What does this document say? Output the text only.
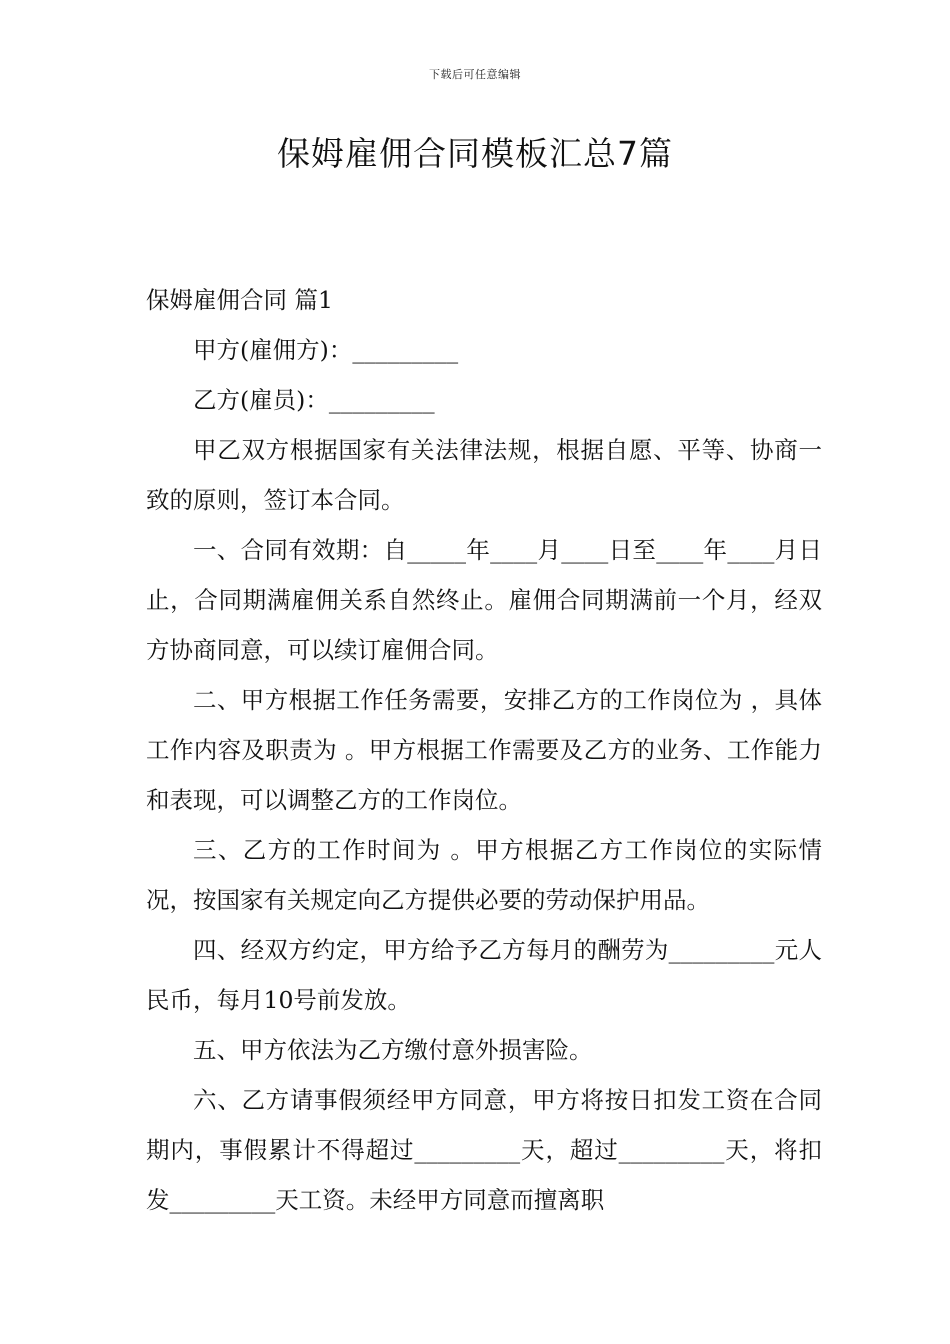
下载后可任意编辑
保姆雇佣合同模板汇总7篇

保姆雇佣合同 篇1

甲方(雇佣方)：_________

乙方(雇员)：_________

甲乙双方根据国家有关法律法规，根据自愿、平等、协商一致的原则，签订本合同。

一、合同有效期：自_____年____月____日至____年____月日止，合同期满雇佣关系自然终止。雇佣合同期满前一个月，经双方协商同意，可以续订雇佣合同。

二、甲方根据工作任务需要，安排乙方的工作岗位为 ，具体工作内容及职责为 。甲方根据工作需要及乙方的业务、工作能力和表现，可以调整乙方的工作岗位。

三、乙方的工作时间为 。甲方根据乙方工作岗位的实际情况，按国家有关规定向乙方提供必要的劳动保护用品。

四、经双方约定，甲方给予乙方每月的酬劳为_________元人民币，每月10号前发放。

五、甲方依法为乙方缴付意外损害险。

六、乙方请事假须经甲方同意，甲方将按日扣发工资在合同期内，事假累计不得超过_________天，超过_________天，将扣发_________天工资。未经甲方同意而擅离职
